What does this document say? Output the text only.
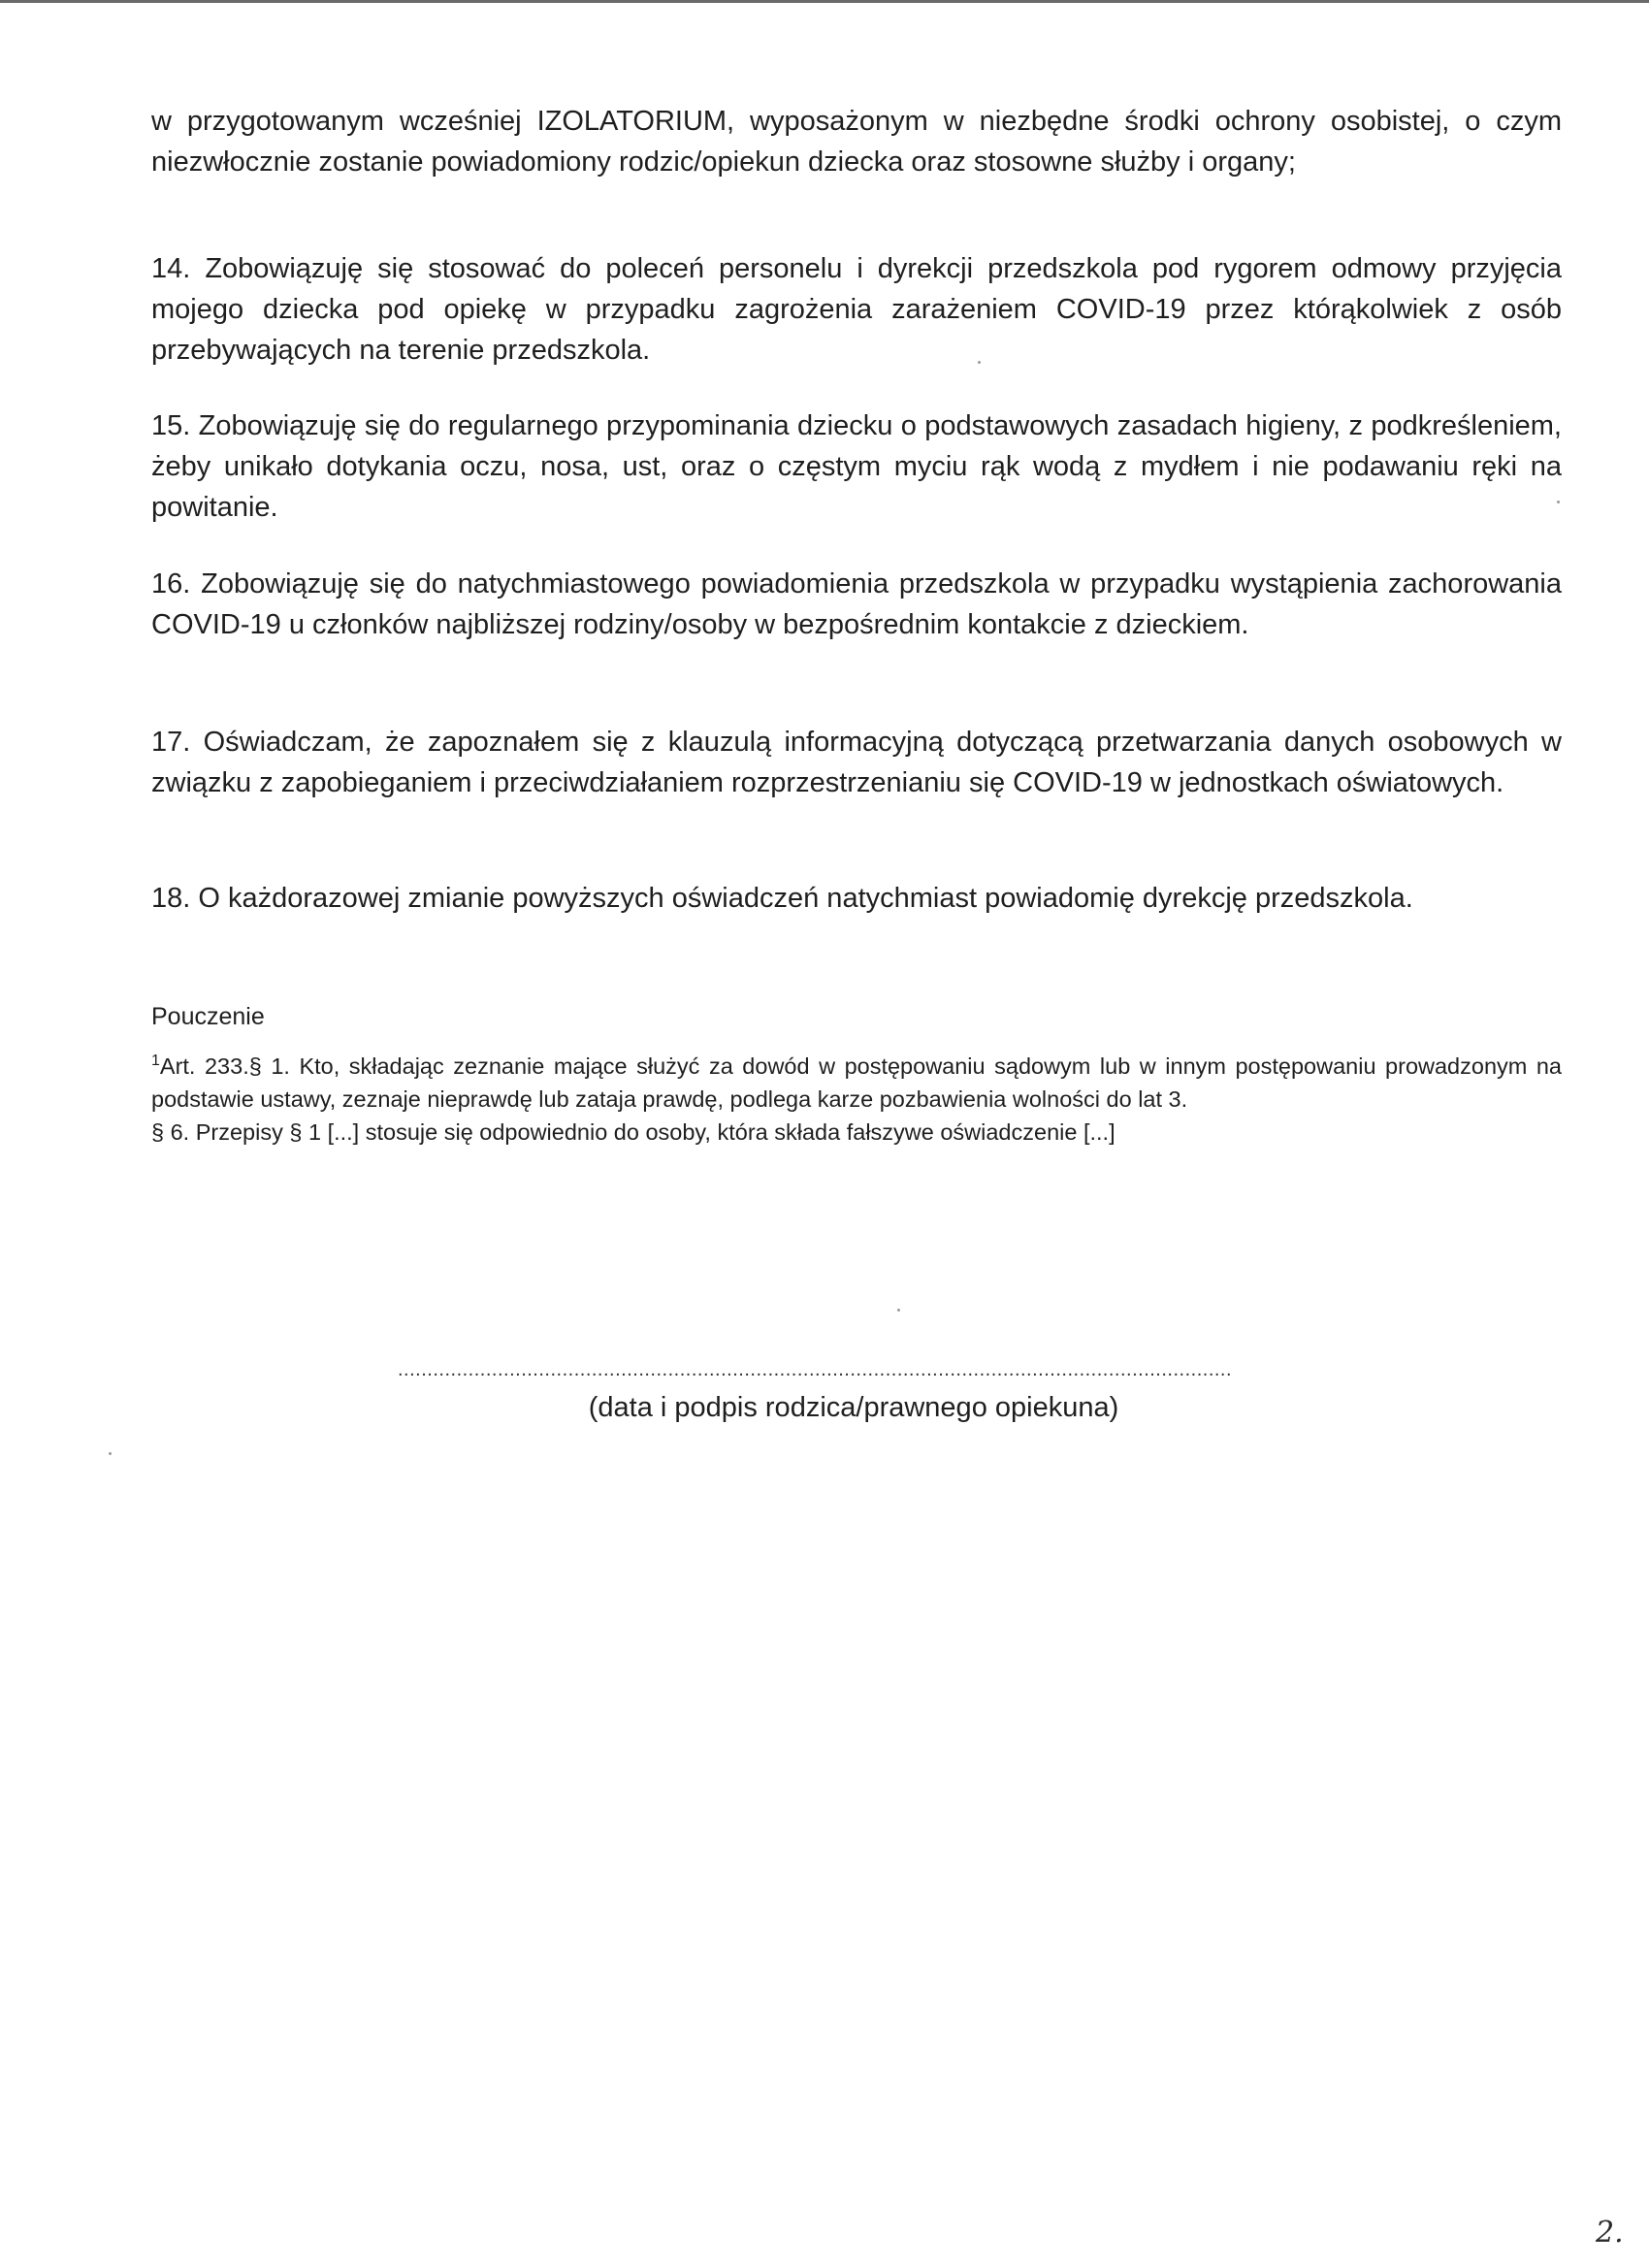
w przygotowanym wcześniej IZOLATORIUM, wyposażonym w niezbędne środki ochrony osobistej, o czym niezwłocznie zostanie powiadomiony rodzic/opiekun dziecka oraz stosowne służby i organy;

14. Zobowiązuję się stosować do poleceń personelu i dyrekcji przedszkola pod rygorem odmowy przyjęcia mojego dziecka pod opiekę w przypadku zagrożenia zarażeniem COVID-19 przez którąkolwiek z osób przebywających na terenie przedszkola.

15. Zobowiązuję się do regularnego przypominania dziecku o podstawowych zasadach higieny, z podkreśleniem, żeby unikało dotykania oczu, nosa, ust, oraz o częstym myciu rąk wodą z mydłem i nie podawaniu ręki na powitanie.

16. Zobowiązuję się do natychmiastowego powiadomienia przedszkola w przypadku wystąpienia zachorowania COVID-19 u członków najbliższej rodziny/osoby w bezpośrednim kontakcie z dzieckiem.

17. Oświadczam, że zapoznałem się z klauzulą informacyjną dotyczącą przetwarzania danych osobowych w związku z zapobieganiem i przeciwdziałaniem rozprzestrzenianiu się COVID-19 w jednostkach oświatowych.

18. O każdorazowej zmianie powyższych oświadczeń natychmiast powiadomię dyrekcję przedszkola.

Pouczenie
$^1$Art. 233.§ 1. Kto, składając zeznanie mające służyć za dowód w postępowaniu sądowym lub w innym postępowaniu prowadzonym na podstawie ustawy, zeznaje nieprawdę lub zataja prawdę, podlega karze pozbawienia wolności do lat 3.
§ 6. Przepisy § 1 [...] stosuje się odpowiednio do osoby, która składa fałszywe oświadczenie [...]
..............................................................................................................................................
(data i podpis rodzica/prawnego opiekuna)
2.
